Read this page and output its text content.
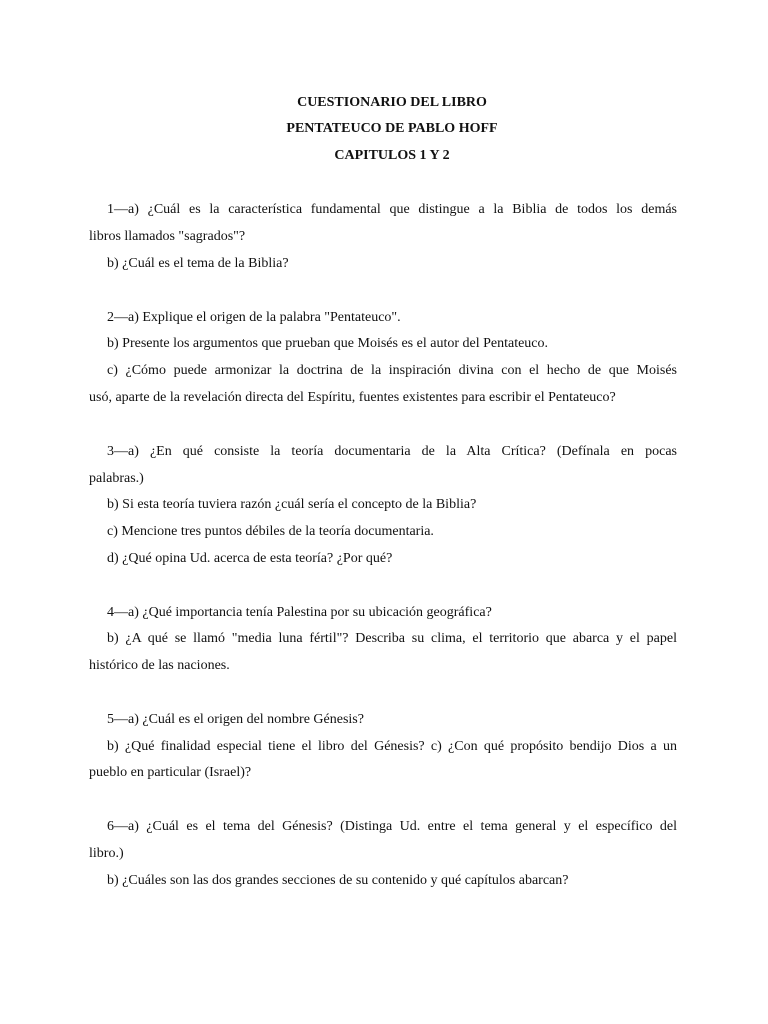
CUESTIONARIO DEL LIBRO
PENTATEUCO DE PABLO HOFF
CAPITULOS 1 Y 2
1—a) ¿Cuál es la característica fundamental que distingue a la Biblia de todos los demás
libros llamados "sagrados"?
b) ¿Cuál es el tema de la Biblia?
2—a) Explique el origen de la palabra "Pentateuco".
b) Presente los argumentos que prueban que Moisés es el autor del Pentateuco.
c) ¿Cómo puede armonizar la doctrina de la inspiración divina con el hecho de que Moisés
usó, aparte de la revelación directa del Espíritu, fuentes existentes para escribir el Pentateuco?
3—a) ¿En qué consiste la teoría documentaria de la Alta Crítica? (Defínala en pocas
palabras.)
b) Si esta teoría tuviera razón ¿cuál sería el concepto de la Biblia?
c) Mencione tres puntos débiles de la teoría documentaria.
d) ¿Qué opina Ud. acerca de esta teoría? ¿Por qué?
4—a) ¿Qué importancia tenía Palestina por su ubicación geográfica?
b) ¿A qué se llamó "media luna fértil"? Describa su clima, el territorio que abarca y el papel
histórico de las naciones.
5—a) ¿Cuál es el origen del nombre Génesis?
b) ¿Qué finalidad especial tiene el libro del Génesis? c) ¿Con qué propósito bendijo Dios a un
pueblo en particular (Israel)?
6—a) ¿Cuál es el tema del Génesis? (Distinga Ud. entre el tema general y el específico del
libro.)
b) ¿Cuáles son las dos grandes secciones de su contenido y qué capítulos abarcan?
